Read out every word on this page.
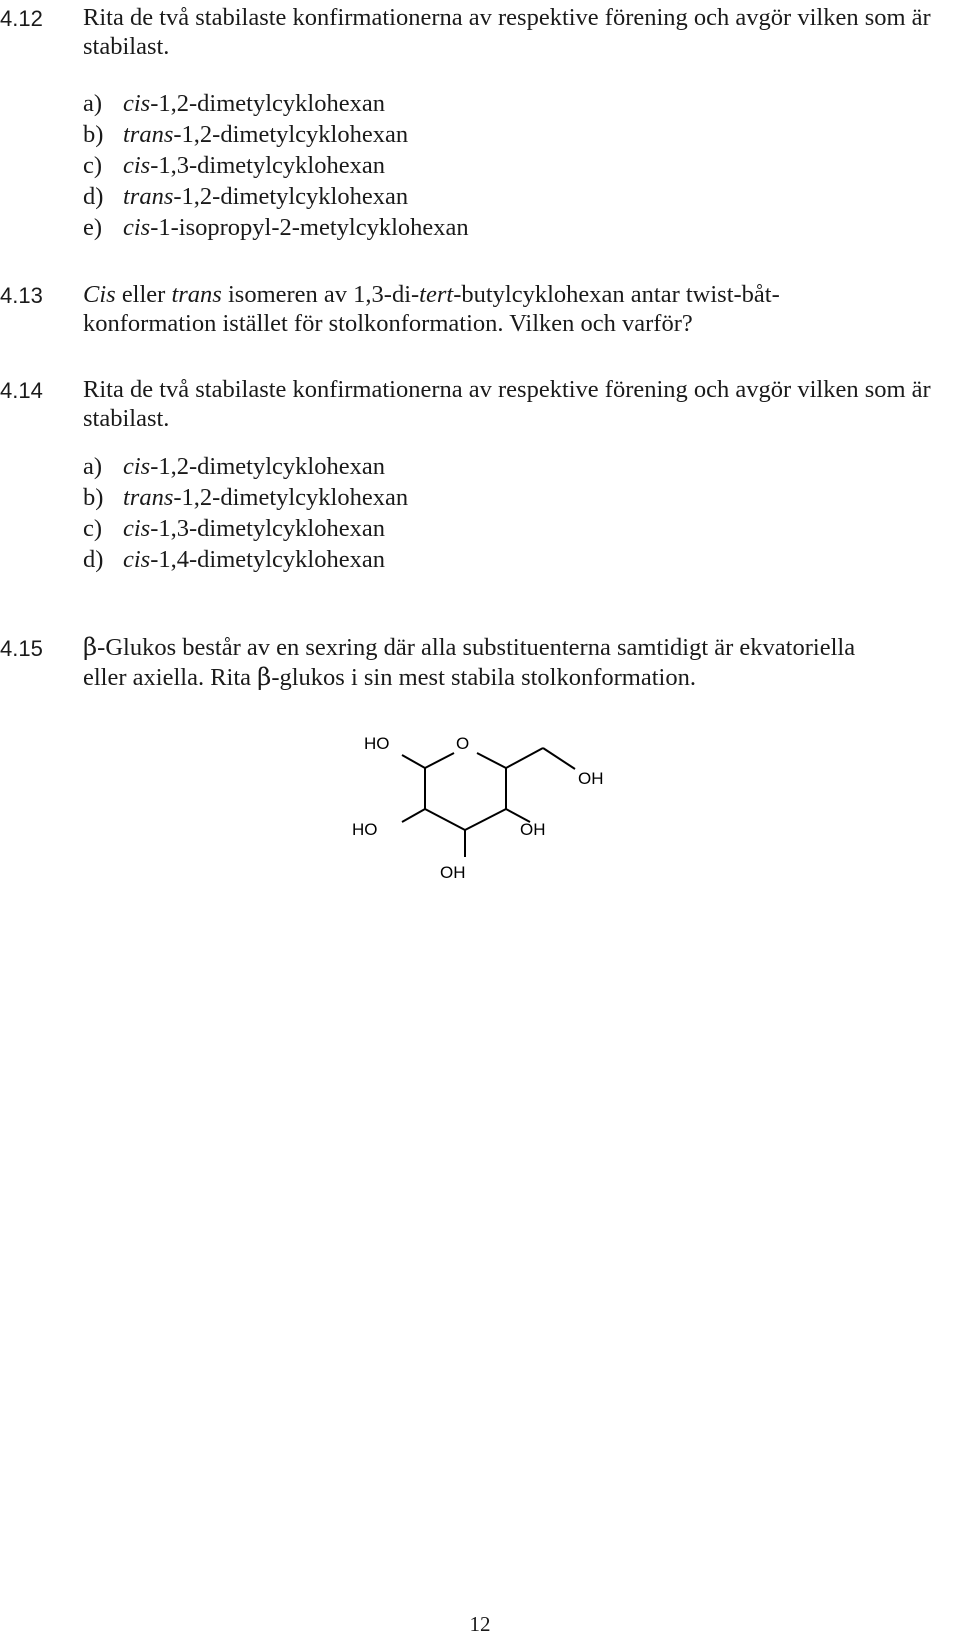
4.12 Rita de två stabilaste konfirmationerna av respektive förening och avgör vilken som är stabilast.
a) cis-1,2-dimetylcyklohexan
b) trans-1,2-dimetylcyklohexan
c) cis-1,3-dimetylcyklohexan
d) trans-1,2-dimetylcyklohexan
e) cis-1-isopropyl-2-metylcyklohexan
4.13 Cis eller trans isomeren av 1,3-di-tert-butylcyklohexan antar twist-båt-
konformation istället för stolkonformation. Vilken och varför?
4.14 Rita de två stabilaste konfirmationerna av respektive förening och avgör vilken som är stabilast.
a) cis-1,2-dimetylcyklohexan
b) trans-1,2-dimetylcyklohexan
c) cis-1,3-dimetylcyklohexan
d) cis-1,4-dimetylcyklohexan
4.15 β-Glukos består av en sexring där alla substituenterna samtidigt är ekvatoriella
eller axiella. Rita β-glukos i sin mest stabila stolkonformation.
HO	O
OH
HO	OH
OH
12
